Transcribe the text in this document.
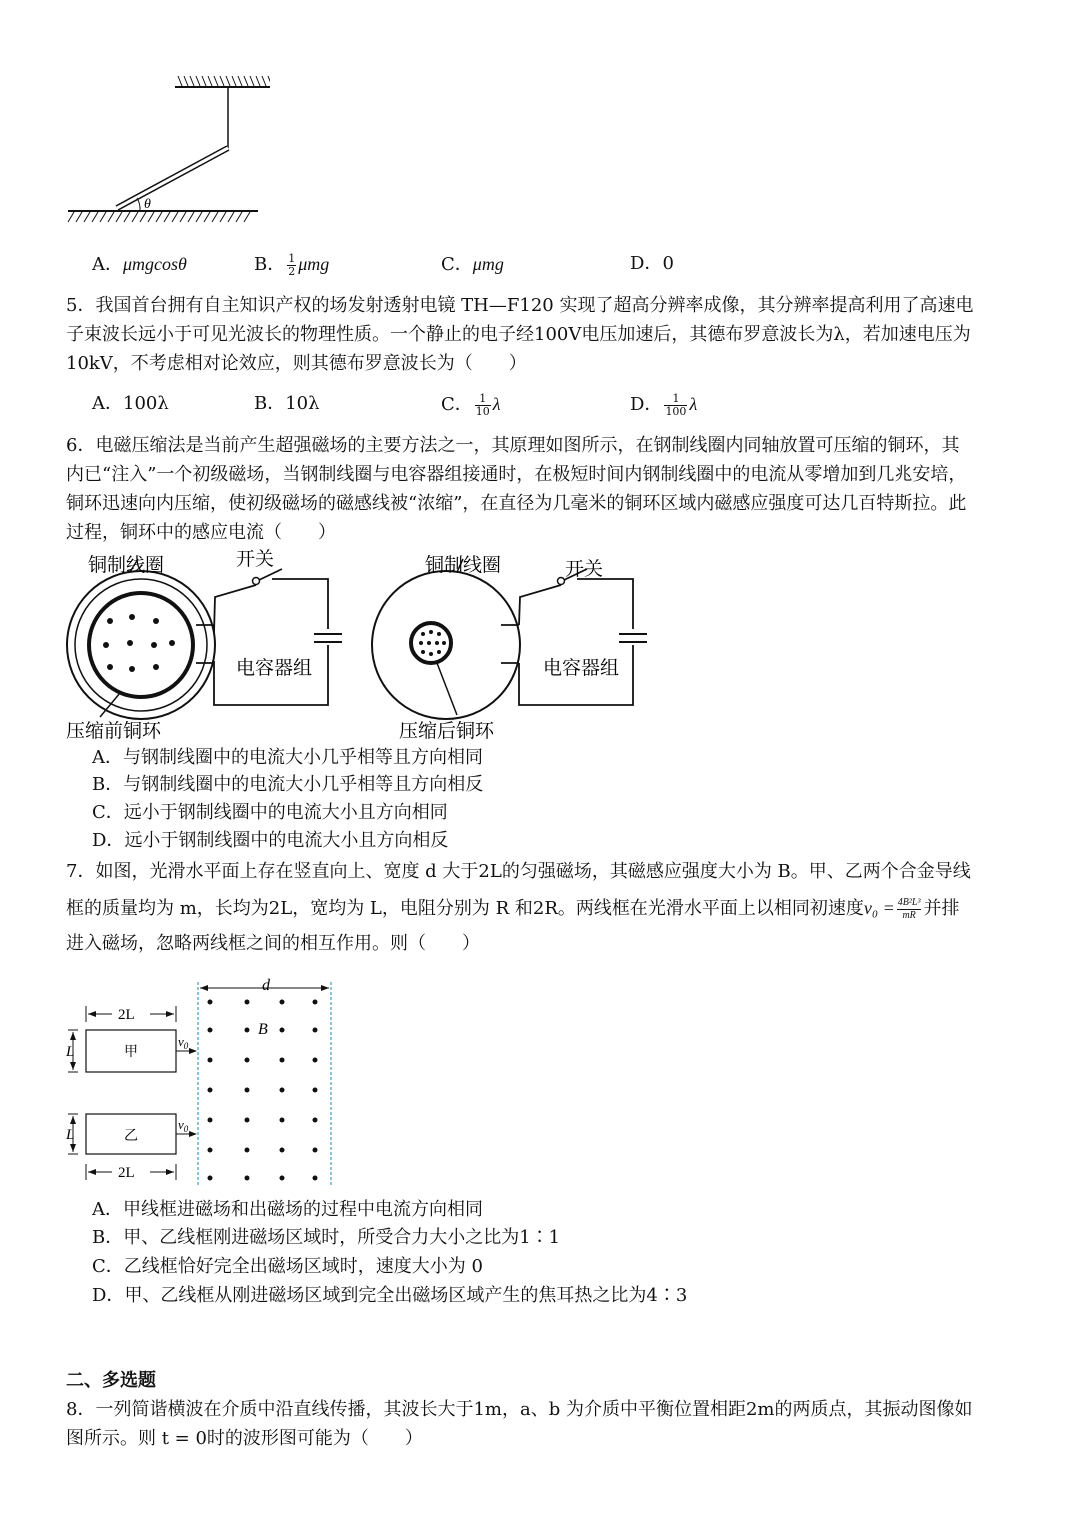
θ
A．μmgcosθ	B． $\frac{1}{2}$ μmg	C．μmg	D．0
5．我国首台拥有自主知识产权的场发射透射电镜 TH—F120 实现了超高分辨率成像，其分辨率提高利用了高速电
子束波长远小于可见光波长的物理性质。一个静止的电子经100V电压加速后，其德布罗意波长为λ，若加速电压为
10kV，不考虑相对论效应，则其德布罗意波长为（　　）
A．100λ	B．10λ	C． $\frac{1}{10}$ λ	D． $\frac{1}{100}$ λ
6．电磁压缩法是当前产生超强磁场的主要方法之一，其原理如图所示，在钢制线圈内同轴放置可压缩的铜环，其
内已“注入”一个初级磁场，当钢制线圈与电容器组接通时，在极短时间内钢制线圈中的电流从零增加到几兆安培，
铜环迅速向内压缩，使初级磁场的磁感线被“浓缩”，在直径为几毫米的铜环区域内磁感应强度可达几百特斯拉。此
过程，铜环中的感应电流（　　）
铜制线圈	开关
电容器组
压缩前铜环
铜制线圈	开关
电容器组
压缩后铜环
A．与钢制线圈中的电流大小几乎相等且方向相同
B．与钢制线圈中的电流大小几乎相等且方向相反
C．远小于钢制线圈中的电流大小且方向相同
D．远小于钢制线圈中的电流大小且方向相反
7．如图，光滑水平面上存在竖直向上、宽度 d 大于2L的匀强磁场，其磁感应强度大小为 B。甲、乙两个合金导线
框的质量均为 m，长均为2L，宽均为 L，电阻分别为 R 和2R。两线框在光滑水平面上以相同初速度$v_0 = \frac{\text{4B²L³}}{mR}$ 并排
进入磁场，忽略两线框之间的相互作用。则（　　）
d
B
2L
甲
L
$v_0$
乙
L
$v_0$
2L
A．甲线框进磁场和出磁场的过程中电流方向相同
B．甲、乙线框刚进磁场区域时，所受合力大小之比为1∶1
C．乙线框恰好完全出磁场区域时，速度大小为 0
D．甲、乙线框从刚进磁场区域到完全出磁场区域产生的焦耳热之比为4∶3
二、多选题
8．一列简谐横波在介质中沿直线传播，其波长大于1m，a、b 为介质中平衡位置相距2m的两质点，其振动图像如
图所示。则 t = 0时的波形图可能为（　　）
